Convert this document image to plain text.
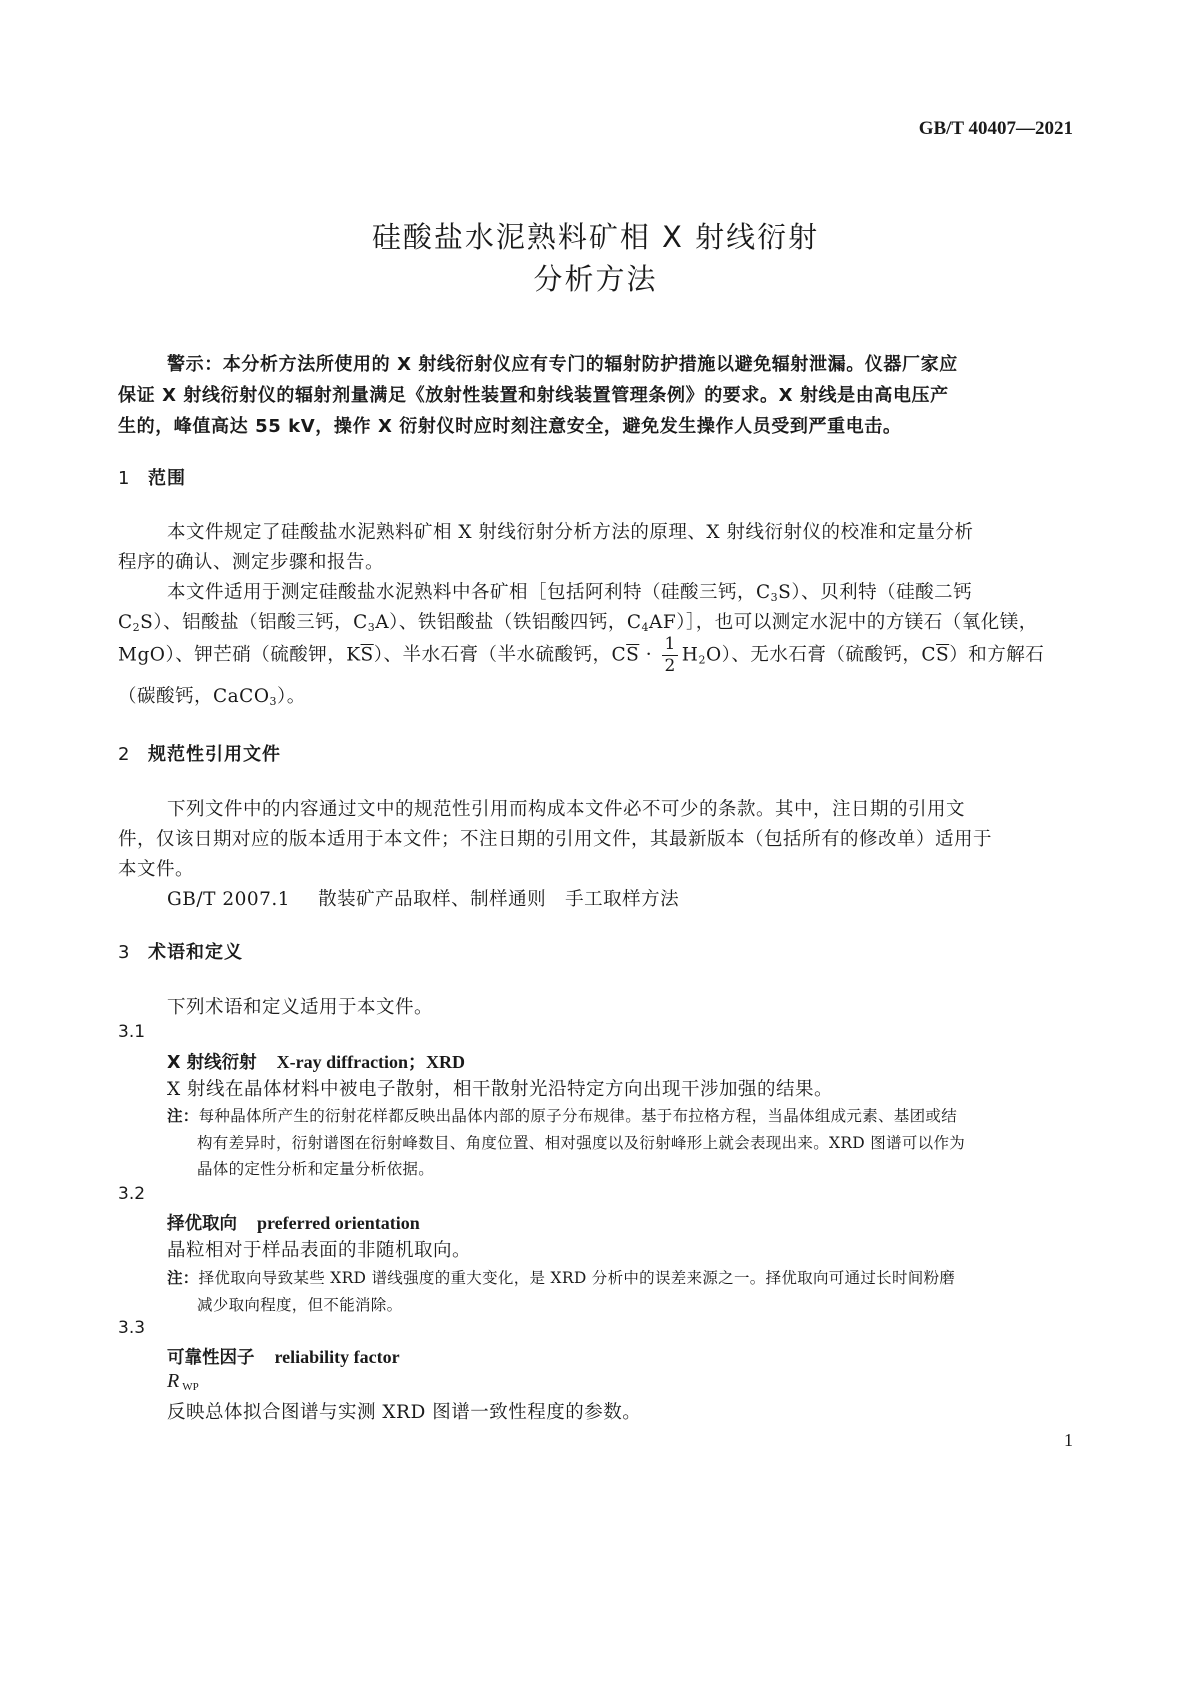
GB/T 40407—2021
硅酸盐水泥熟料矿相 X 射线衍射
分析方法
警示：本分析方法所使用的 X 射线衍射仪应有专门的辐射防护措施以避免辐射泄漏。仪器厂家应
保证 X 射线衍射仪的辐射剂量满足《放射性装置和射线装置管理条例》的要求。X 射线是由高电压产
生的，峰值高达 55 kV，操作 X 衍射仪时应时刻注意安全，避免发生操作人员受到严重电击。
1 范围
本文件规定了硅酸盐水泥熟料矿相 X 射线衍射分析方法的原理、X 射线衍射仪的校准和定量分析
程序的确认、测定步骤和报告。
本文件适用于测定硅酸盐水泥熟料中各矿相［包括阿利特（硅酸三钙，$C_3S$）、贝利特（硅酸二钙
$C_2S$）、铝酸盐（铝酸三钙，$C_3A$）、铁铝酸盐（铁铝酸四钙，$C_4AF)]$，也可以测定水泥中的方镁石（氧化镁，
MgO）、钾芒硝（硫酸钾，$K\overline{S}$）、半水石膏（半水硫酸钙，$C\overline{S} \cdot \frac{1}{2} H_2O$）、无水石膏（硫酸钙，$C\overline{S}$）和方解石
（碳酸钙，CaCO$_3$）。
2 规范性引用文件
下列文件中的内容通过文中的规范性引用而构成本文件必不可少的条款。其中，注日期的引用文
件，仅该日期对应的版本适用于本文件；不注日期的引用文件，其最新版本（包括所有的修改单）适用于
本文件。
GB/T 2007.1 散装矿产品取样、制样通则　手工取样方法
3 术语和定义
下列术语和定义适用于本文件。
3.1
X 射线衍射 X-ray diffraction；XRD
X 射线在晶体材料中被电子散射，相干散射光沿特定方向出现干涉加强的结果。
注：每种晶体所产生的衍射花样都反映出晶体内部的原子分布规律。基于布拉格方程，当晶体组成元素、基团或结
构有差异时，衍射谱图在衍射峰数目、角度位置、相对强度以及衍射峰形上就会表现出来。XRD 图谱可以作为
晶体的定性分析和定量分析依据。
3.2
择优取向 preferred orientation
晶粒相对于样品表面的非随机取向。
注：择优取向导致某些 XRD 谱线强度的重大变化，是 XRD 分析中的误差来源之一。择优取向可通过长时间粉磨
减少取向程度，但不能消除。
3.3
可靠性因子 reliability factor
R $_{WP}$
反映总体拟合图谱与实测 XRD 图谱一致性程度的参数。
1
